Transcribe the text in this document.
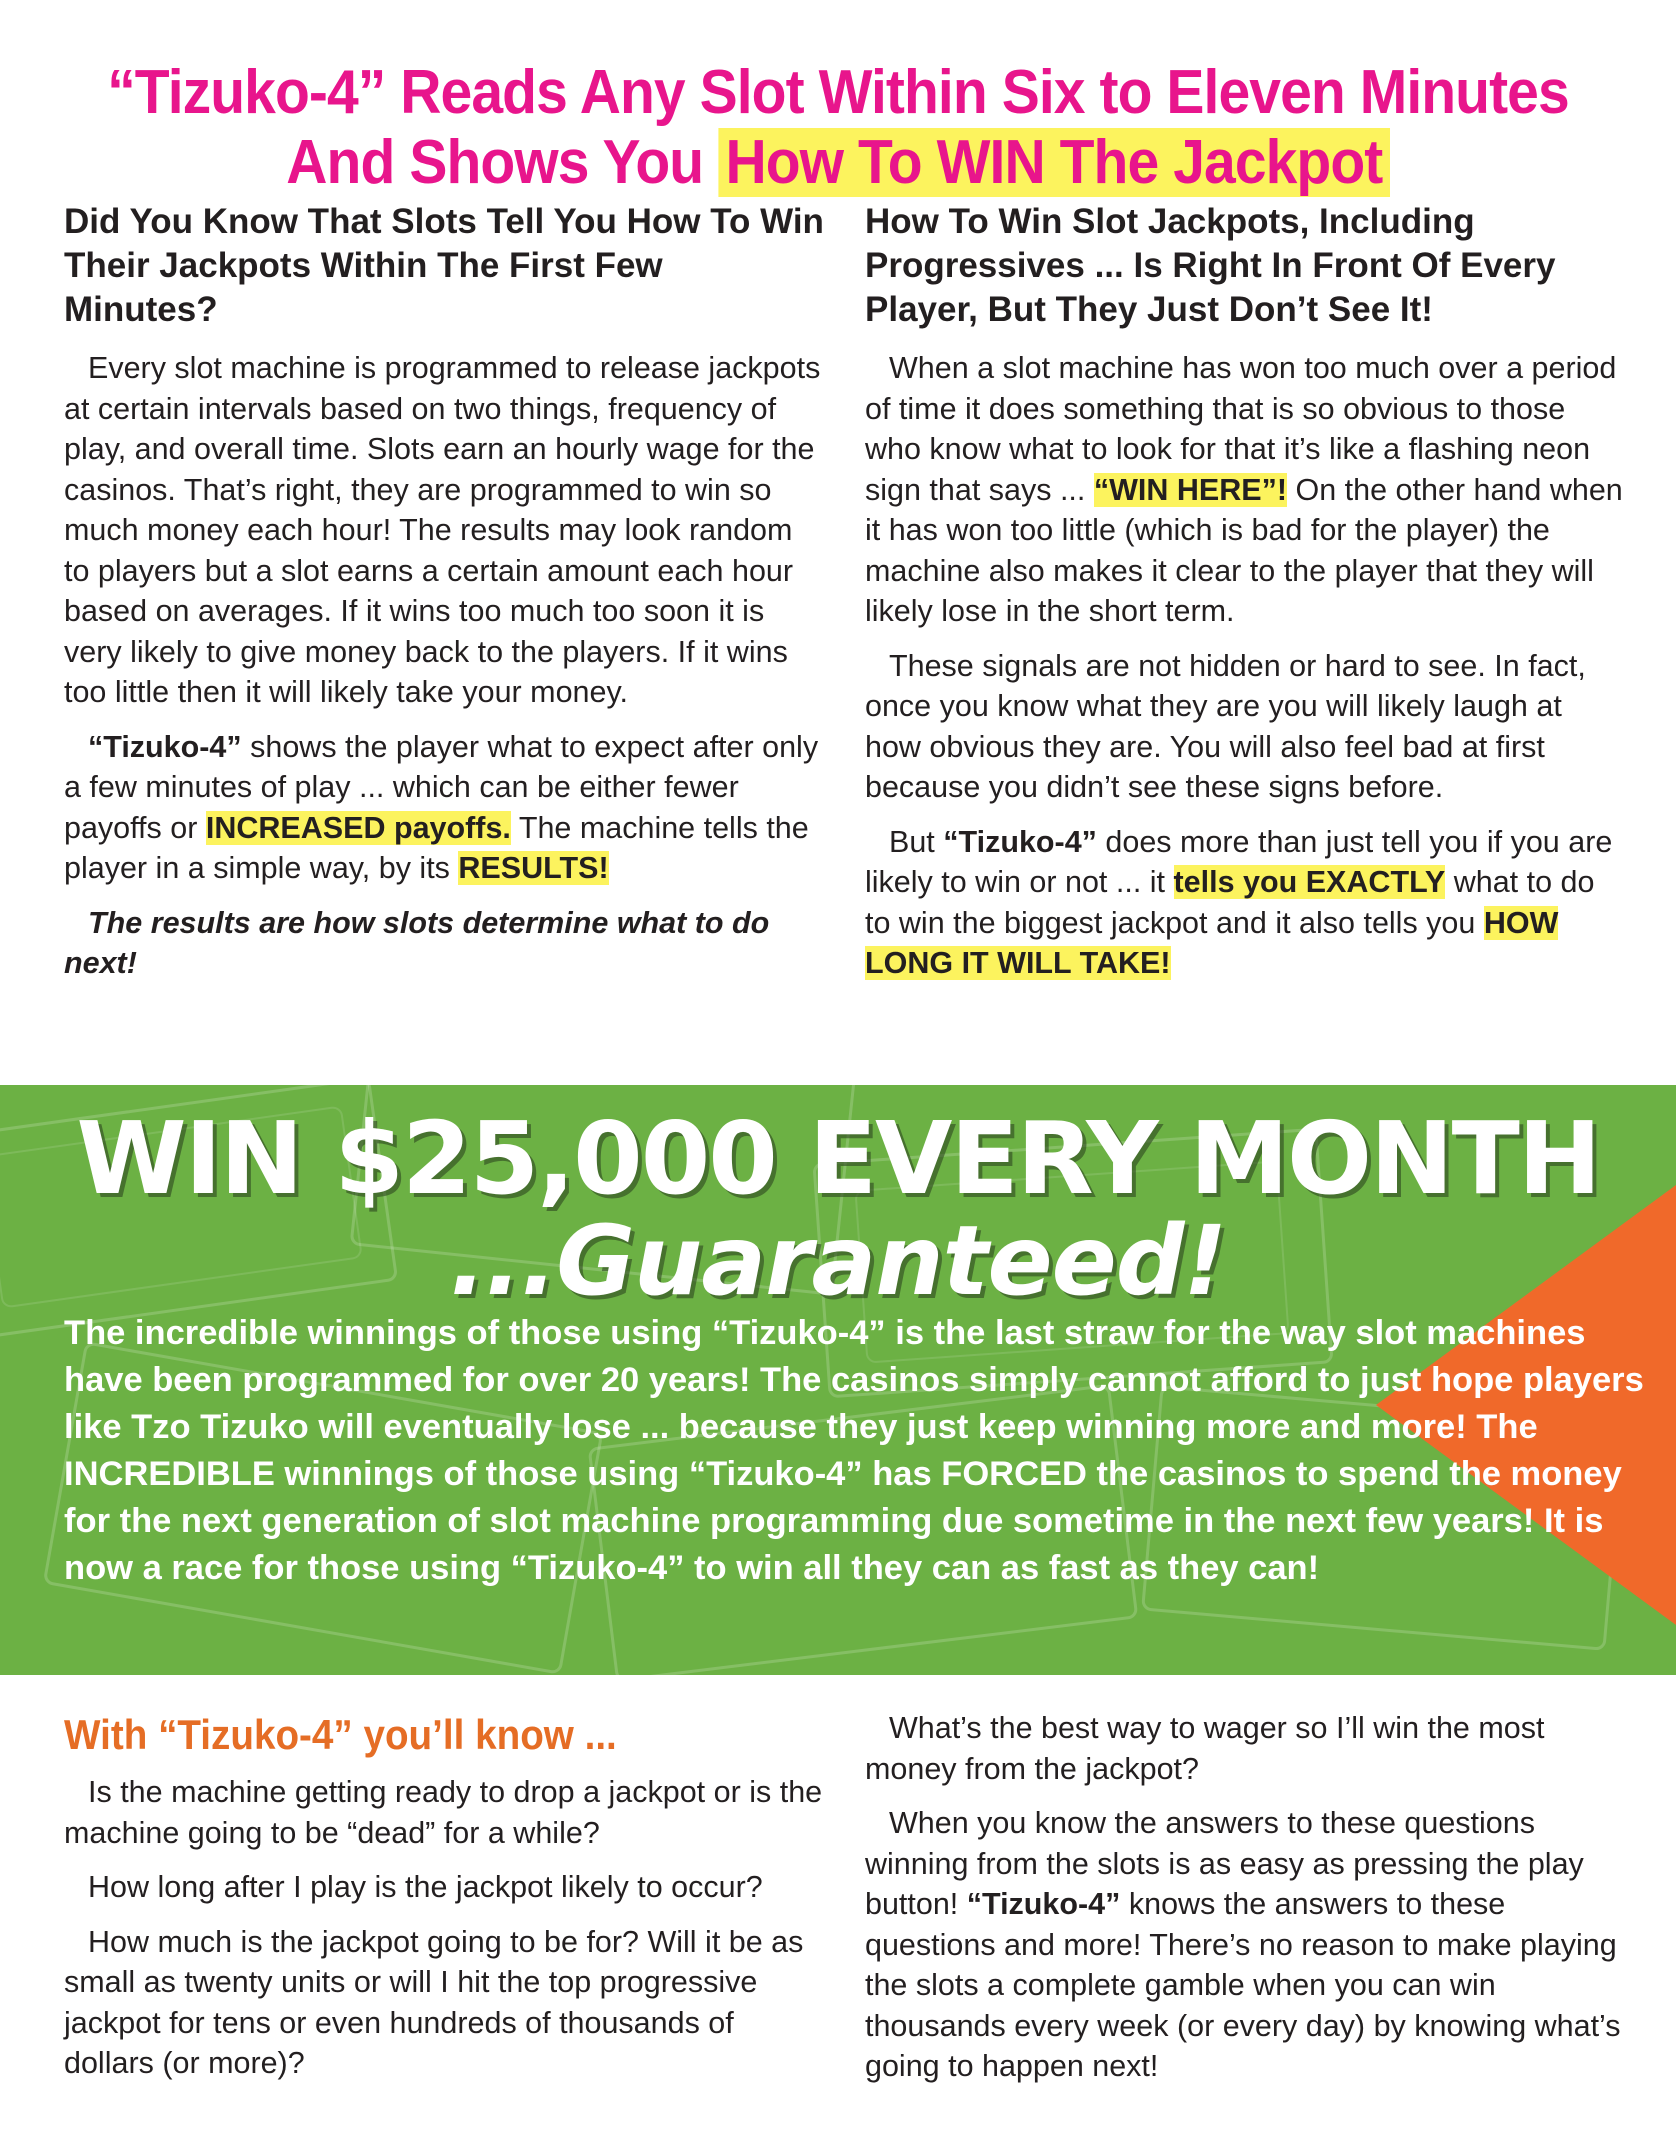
“Tizuko-4” Reads Any Slot Within Six to Eleven Minutes
And Shows You How To WIN The Jackpot
Did You Know That Slots Tell You How To Win Their Jackpots Within The First Few Minutes?

Every slot machine is programmed to release jackpots at certain intervals based on two things, frequency of play, and overall time. Slots earn an hourly wage for the casinos. That’s right, they are programmed to win so much money each hour! The results may look random to players but a slot earns a certain amount each hour based on averages. If it wins too much too soon it is very likely to give money back to the players. If it wins too little then it will likely take your money.

“Tizuko-4” shows the player what to expect after only a few minutes of play ... which can be either fewer payoffs or INCREASED payoffs. The machine tells the player in a simple way, by its RESULTS!

The results are how slots determine what to do next!

How To Win Slot Jackpots, Including Progressives ... Is Right In Front Of Every Player, But They Just Don’t See It!

When a slot machine has won too much over a period of time it does something that is so obvious to those who know what to look for that it’s like a flashing neon sign that says ... “WIN HERE”! On the other hand when it has won too little (which is bad for the player) the machine also makes it clear to the player that they will likely lose in the short term.

These signals are not hidden or hard to see. In fact, once you know what they are you will likely laugh at how obvious they are. You will also feel bad at first because you didn’t see these signs before.

But “Tizuko-4” does more than just tell you if you are likely to win or not ... it tells you EXACTLY what to do to win the biggest jackpot and it also tells you HOW LONG IT WILL TAKE!

WIN $25,000 EVERY MONTH
...Guaranteed!
The incredible winnings of those using “Tizuko-4” is the last straw for the way slot machines have been programmed for over 20 years! The casinos simply cannot afford to just hope players like Tzo Tizuko will eventually lose ... because they just keep winning more and more! The INCREDIBLE winnings of those using “Tizuko-4” has FORCED the casinos to spend the money for the next generation of slot machine programming due sometime in the next few years! It is now a race for those using “Tizuko-4” to win all they can as fast as they can!
With “Tizuko-4” you’ll know ...

Is the machine getting ready to drop a jackpot or is the machine going to be “dead” for a while?

How long after I play is the jackpot likely to occur?

How much is the jackpot going to be for? Will it be as small as twenty units or will I hit the top progressive jackpot for tens or even hundreds of thousands of dollars (or more)?

What’s the best way to wager so I’ll win the most money from the jackpot?

When you know the answers to these questions winning from the slots is as easy as pressing the play button! “Tizuko-4” knows the answers to these questions and more! There’s no reason to make playing the slots a complete gamble when you can win thousands every week (or every day) by knowing what’s going to happen next!
